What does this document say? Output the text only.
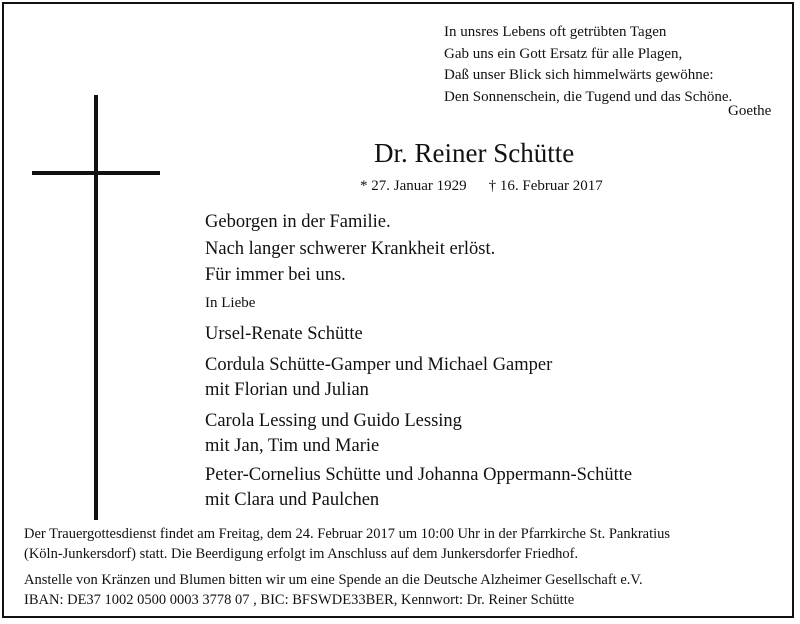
In unsres Lebens oft getrübten Tagen
Gab uns ein Gott Ersatz für alle Plagen,
Daß unser Blick sich himmelwärts gewöhne:
Den Sonnenschein, die Tugend und das Schöne.
Goethe
Dr. Reiner Schütte
* 27. Januar 1929 † 16. Februar 2017
Geborgen in der Familie.
Nach langer schwerer Krankheit erlöst.
Für immer bei uns.
In Liebe
Ursel-Renate Schütte
Cordula Schütte-Gamper und Michael Gamper
mit Florian und Julian
Carola Lessing und Guido Lessing
mit Jan, Tim und Marie
Peter-Cornelius Schütte und Johanna Oppermann-Schütte
mit Clara und Paulchen
Der Trauergottesdienst findet am Freitag, dem 24. Februar 2017 um 10:00 Uhr in der Pfarrkirche St. Pankratius
(Köln-Junkersdorf) statt. Die Beerdigung erfolgt im Anschluss auf dem Junkersdorfer Friedhof.
Anstelle von Kränzen und Blumen bitten wir um eine Spende an die Deutsche Alzheimer Gesellschaft e.V.
IBAN: DE37 1002 0500 0003 3778 07 , BIC: BFSWDE33BER, Kennwort: Dr. Reiner Schütte
